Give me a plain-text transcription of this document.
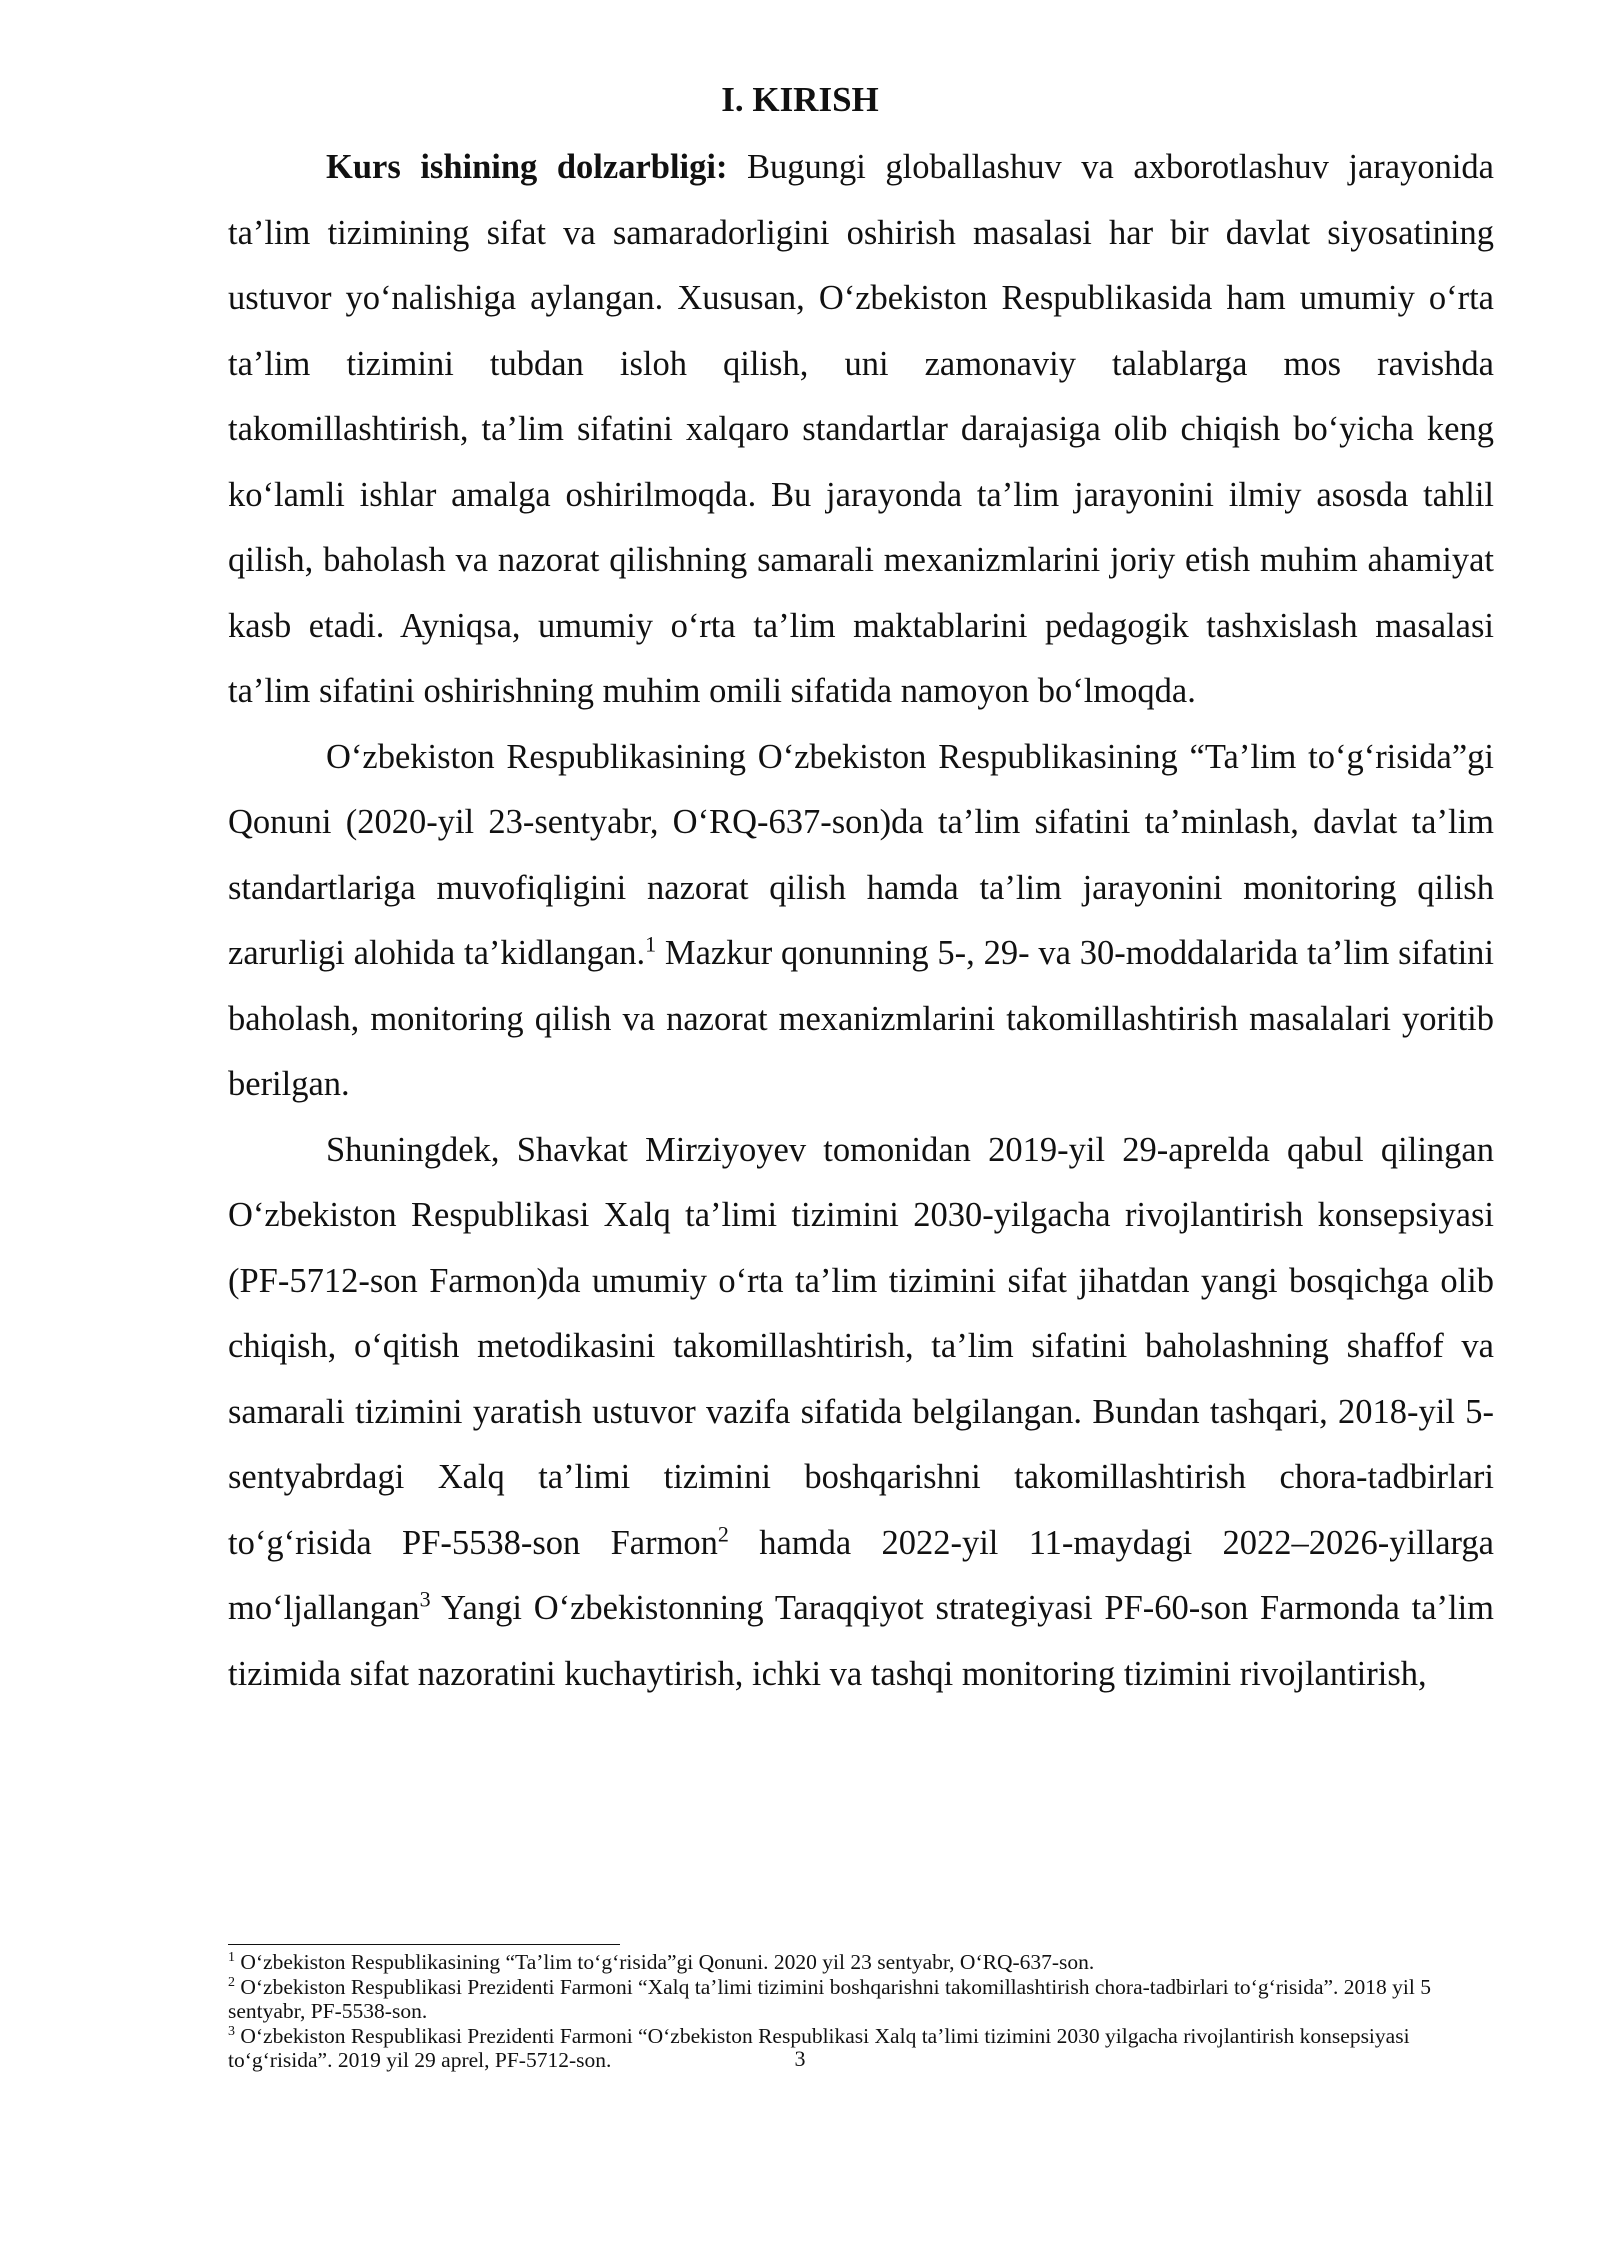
I. KIRISH

Kurs ishining dolzarbligi: Bugungi globallashuv va axborotlashuv jarayonida ta’lim tizimining sifat va samaradorligini oshirish masalasi har bir davlat siyosatining ustuvor yo‘nalishiga aylangan. Xususan, O‘zbekiston Respublikasida ham umumiy o‘rta ta’lim tizimini tubdan isloh qilish, uni zamonaviy talablarga mos ravishda takomillashtirish, ta’lim sifatini xalqaro standartlar darajasiga olib chiqish bo‘yicha keng ko‘lamli ishlar amalga oshirilmoqda. Bu jarayonda ta’lim jarayonini ilmiy asosda tahlil qilish, baholash va nazorat qilishning samarali mexanizmlarini joriy etish muhim ahamiyat kasb etadi. Ayniqsa, umumiy o‘rta ta’lim maktablarini pedagogik tashxislash masalasi ta’lim sifatini oshirishning muhim omili sifatida namoyon bo‘lmoqda.

O‘zbekiston Respublikasining O‘zbekiston Respublikasining “Ta’lim to‘g‘risida”gi Qonuni (2020-yil 23-sentyabr, O‘RQ-637-son)da ta’lim sifatini ta’minlash, davlat ta’lim standartlariga muvofiqligini nazorat qilish hamda ta’lim jarayonini monitoring qilish zarurligi alohida ta’kidlangan.$^1$ Mazkur qonunning 5-, 29- va 30-moddalarida ta’lim sifatini baholash, monitoring qilish va nazorat mexanizmlarini takomillashtirish masalalari yoritib berilgan.

Shuningdek, Shavkat Mirziyoyev tomonidan 2019-yil 29-aprelda qabul qilingan O‘zbekiston Respublikasi Xalq ta’limi tizimini 2030-yilgacha rivojlantirish konsepsiyasi (PF-5712-son Farmon)da umumiy o‘rta ta’lim tizimini sifat jihatdan yangi bosqichga olib chiqish, o‘qitish metodikasini takomillashtirish, ta’lim sifatini baholashning shaffof va samarali tizimini yaratish ustuvor vazifa sifatida belgilangan. Bundan tashqari, 2018-yil 5-sentyabrdagi Xalq ta’limi tizimini boshqarishni takomillashtirish chora-tadbirlari to‘g‘risida PF-5538-son Farmon$^2$ hamda 2022-yil 11-maydagi 2022–2026-yillarga mo‘ljallangan$^3$ Yangi O‘zbekistonning Taraqqiyot strategiyasi PF-60-son Farmonda ta’lim tizimida sifat nazoratini kuchaytirish, ichki va tashqi monitoring tizimini rivojlantirish,

$^1$ O‘zbekiston Respublikasining “Ta’lim to‘g‘risida”gi Qonuni. 2020 yil 23 sentyabr, O‘RQ-637-son.

$^2$ O‘zbekiston Respublikasi Prezidenti Farmoni “Xalq ta’limi tizimini boshqarishni takomillashtirish chora-tadbirlari to‘g‘risida”. 2018 yil 5 sentyabr, PF-5538-son.

$^3$ O‘zbekiston Respublikasi Prezidenti Farmoni “O‘zbekiston Respublikasi Xalq ta’limi tizimini 2030 yilgacha rivojlantirish konsepsiyasi to‘g‘risida”. 2019 yil 29 aprel, PF-5712-son.	3
